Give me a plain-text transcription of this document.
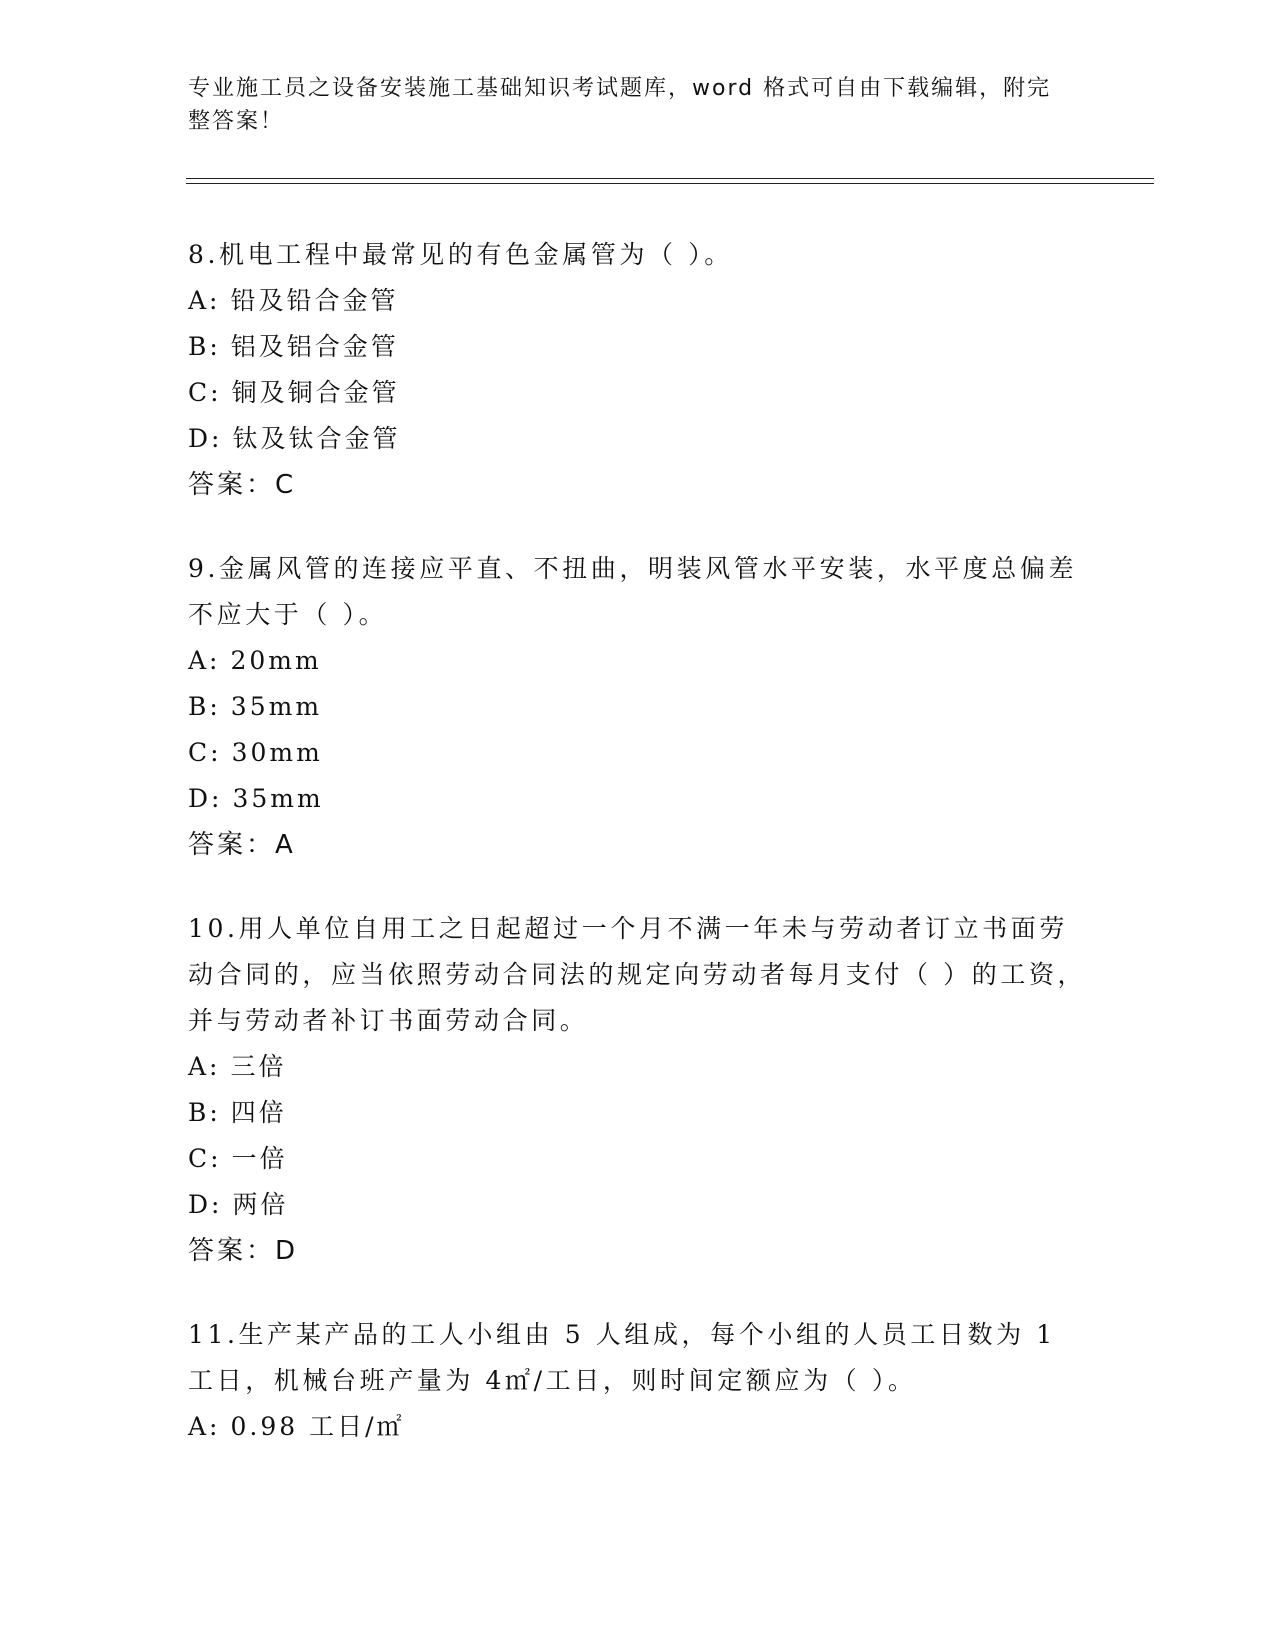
专业施工员之设备安装施工基础知识考试题库，word 格式可自由下载编辑，附完整答案！
8.机电工程中最常见的有色金属管为（ ）。
A: 铅及铅合金管
B: 铝及铝合金管
C: 铜及铜合金管
D: 钛及钛合金管
答案：C
9.金属风管的连接应平直、不扭曲，明装风管水平安装，水平度总偏差不应大于（ ）。
A: 20mm
B: 35mm
C: 30mm
D: 35mm
答案：A
10.用人单位自用工之日起超过一个月不满一年未与劳动者订立书面劳动合同的，应当依照劳动合同法的规定向劳动者每月支付（ ）的工资，并与劳动者补订书面劳动合同。
A: 三倍
B: 四倍
C: 一倍
D: 两倍
答案：D
11.生产某产品的工人小组由 5 人组成，每个小组的人员工日数为 1 工日，机械台班产量为 4㎡/工日，则时间定额应为（ ）。
A: 0.98 工日/㎡
